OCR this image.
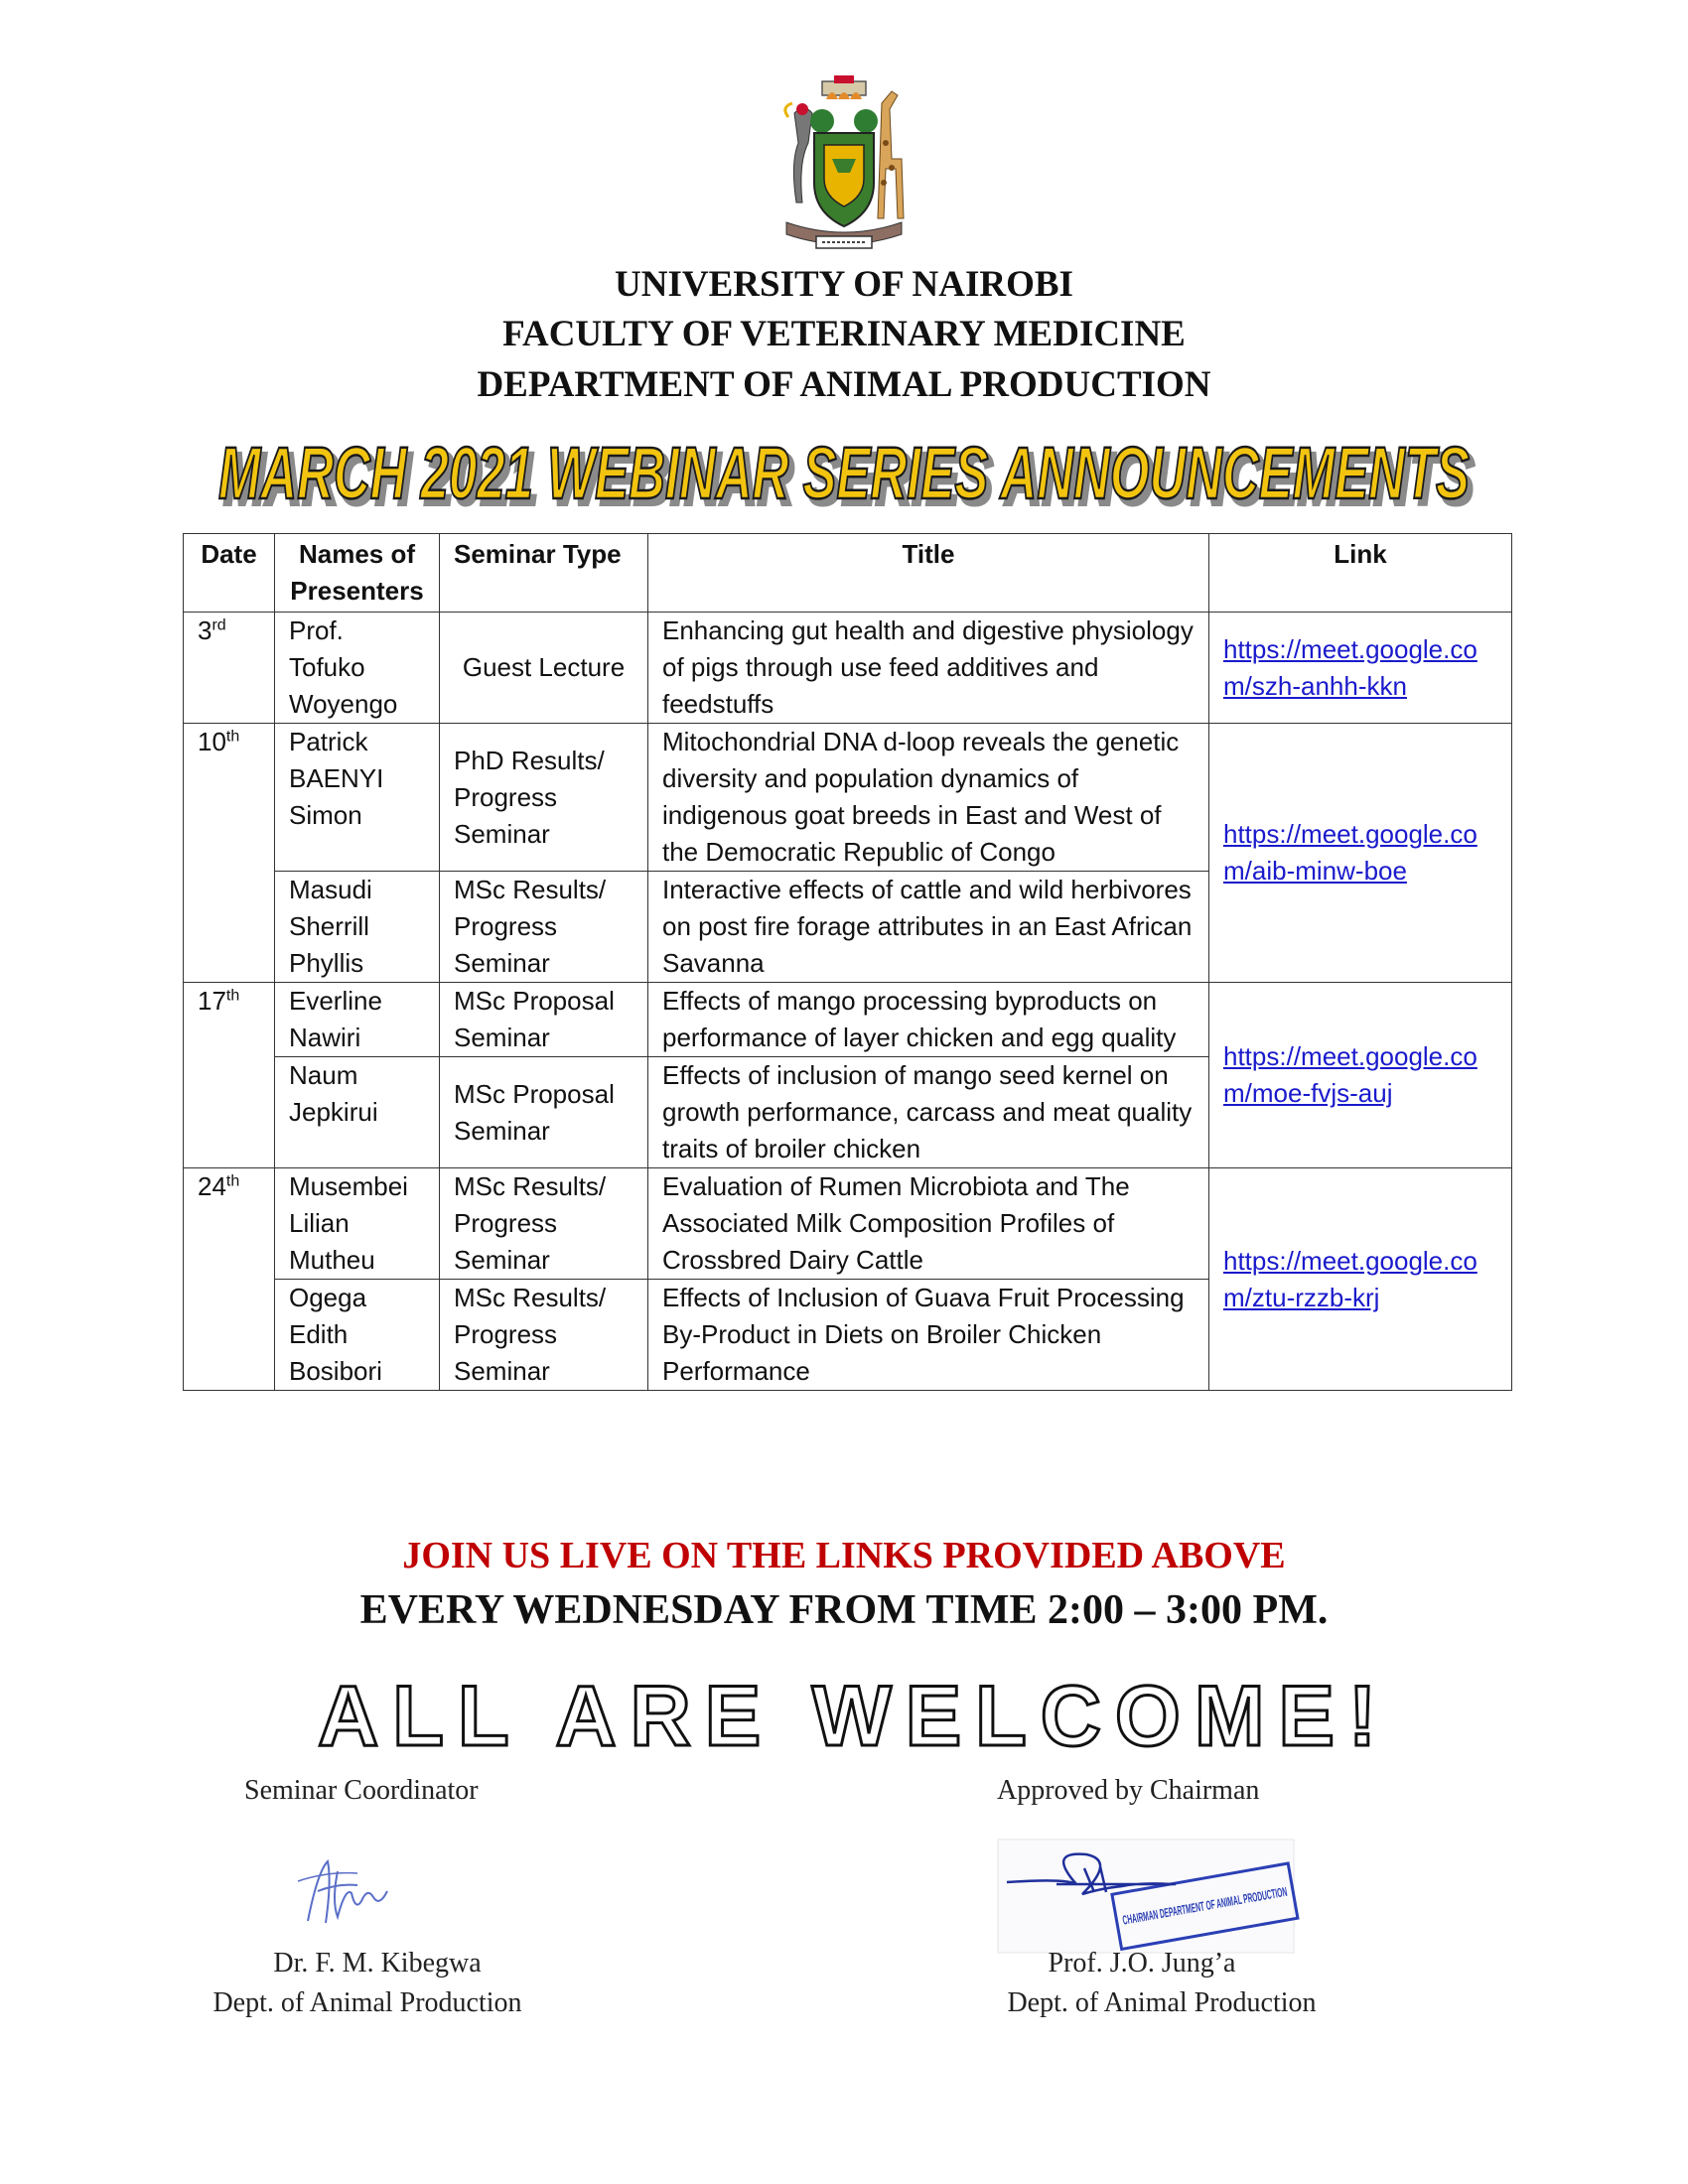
UNIVERSITY OF NAIROBI
FACULTY OF VETERINARY MEDICINE
DEPARTMENT OF ANIMAL PRODUCTION
MARCH 2021 WEBINAR SERIES ANNOUNCEMENTS
MARCH 2021 WEBINAR SERIES ANNOUNCEMENTS
Date	Names of Presenters	Seminar Type	Title	Link
3rd	Prof. Tofuko Woyengo	Guest Lecture	Enhancing gut health and digestive physiology of pigs through use feed additives and feedstuffs	https://meet.google.com/szh-anhh-kkn
10th	Patrick BAENYI Simon	PhD Results/ Progress Seminar	Mitochondrial DNA d-loop reveals the genetic diversity and population dynamics of indigenous goat breeds in East and West of the Democratic Republic of Congo	https://meet.google.com/aib-minw-boe
	Masudi Sherrill Phyllis	MSc Results/ Progress Seminar	Interactive effects of cattle and wild herbivores on post fire forage attributes in an East African Savanna	
17th	Everline Nawiri	MSc Proposal Seminar	Effects of mango processing byproducts on performance of layer chicken and egg quality	https://meet.google.com/moe-fvjs-auj
	Naum Jepkirui	MSc Proposal Seminar	Effects of inclusion of mango seed kernel on growth performance, carcass and meat quality traits of broiler chicken	
24th	Musembei Lilian Mutheu	MSc Results/ Progress Seminar	Evaluation of Rumen Microbiota and The Associated Milk Composition Profiles of Crossbred Dairy Cattle	https://meet.google.com/ztu-rzzb-krj
	Ogega Edith Bosibori	MSc Results/ Progress Seminar	Effects of Inclusion of Guava Fruit Processing By-Product in Diets on Broiler Chicken Performance	
JOIN US LIVE ON THE LINKS PROVIDED ABOVE
EVERY WEDNESDAY FROM TIME 2:00 – 3:00 PM.
ALL ARE WELCOME!
Seminar Coordinator	Approved by Chairman
CHAIRMAN DEPARTMENT OF ANIMAL PRODUCTION
Dr. F. M. Kibegwa
Dept. of Animal Production
Prof. J.O. Jung’a
Dept. of Animal Production
